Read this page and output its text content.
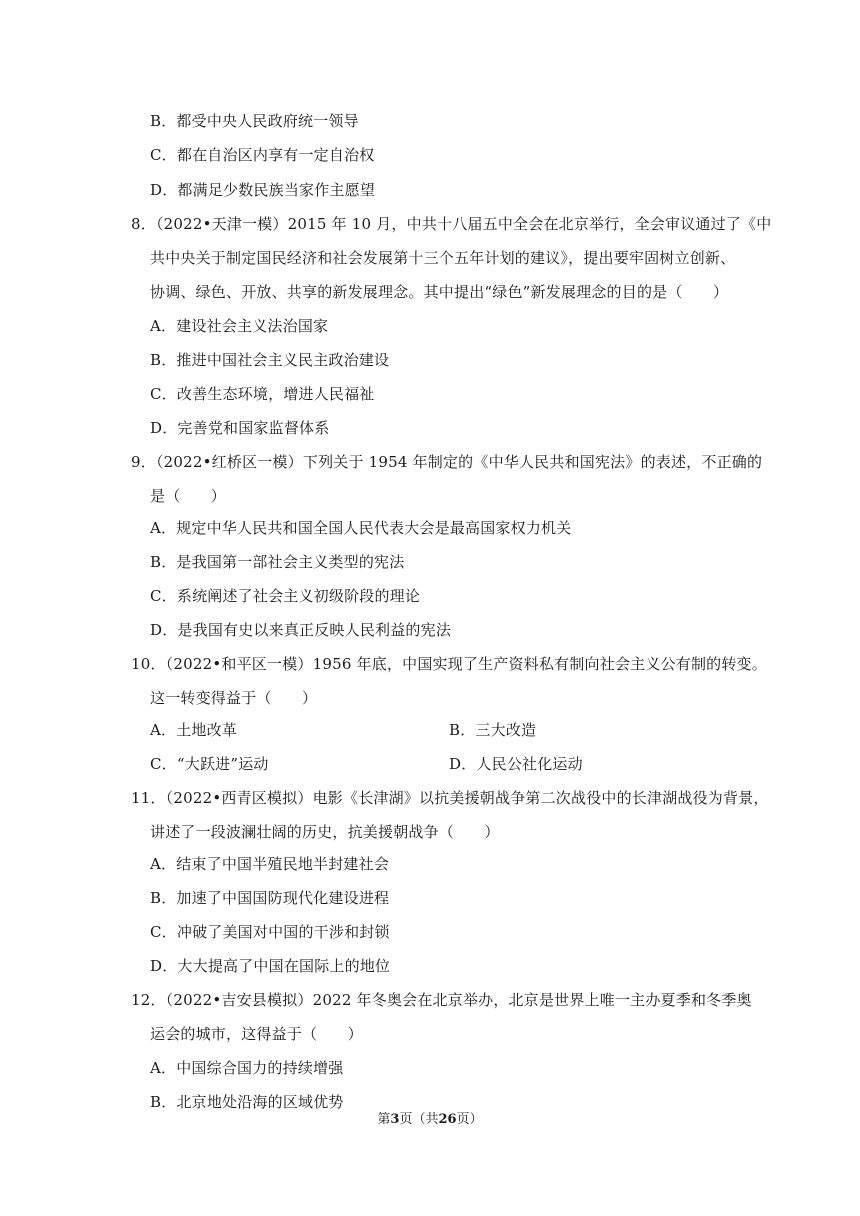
B．都受中央人民政府统一领导
C．都在自治区内享有一定自治权
D．都满足少数民族当家作主愿望
8．（2022•天津一模）2015 年 10 月，中共十八届五中全会在北京举行，全会审议通过了《中
共中央关于制定国民经济和社会发展第十三个五年计划的建议》，提出要牢固树立创新、
协调、绿色、开放、共享的新发展理念。其中提出“绿色”新发展理念的目的是（　　）
A．建设社会主义法治国家
B．推进中国社会主义民主政治建设
C．改善生态环境，增进人民福祉
D．完善党和国家监督体系
9．（2022•红桥区一模）下列关于 1954 年制定的《中华人民共和国宪法》的表述，不正确的
是（　　）
A．规定中华人民共和国全国人民代表大会是最高国家权力机关
B．是我国第一部社会主义类型的宪法
C．系统阐述了社会主义初级阶段的理论
D．是我国有史以来真正反映人民利益的宪法
10．（2022•和平区一模）1956 年底，中国实现了生产资料私有制向社会主义公有制的转变。
这一转变得益于（　　）
A．土地改革	B．三大改造
C．“大跃进”运动	D．人民公社化运动
11．（2022•西青区模拟）电影《长津湖》以抗美援朝战争第二次战役中的长津湖战役为背景，
讲述了一段波澜壮阔的历史，抗美援朝战争（　　）
A．结束了中国半殖民地半封建社会
B．加速了中国国防现代化建设进程
C．冲破了美国对中国的干涉和封锁
D．大大提高了中国在国际上的地位
12．（2022•吉安县模拟）2022 年冬奥会在北京举办，北京是世界上唯一主办夏季和冬季奥
运会的城市，这得益于（　　）
A．中国综合国力的持续增强
B．北京地处沿海的区域优势
第3页（共26页）
